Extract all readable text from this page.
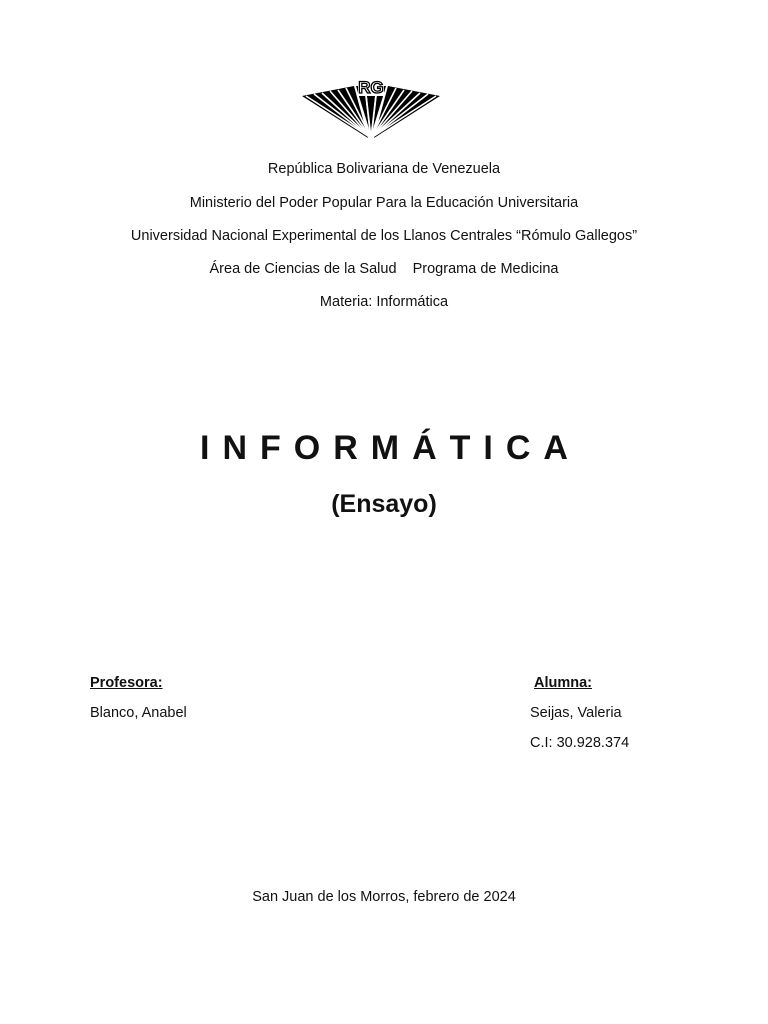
RG
República Bolivariana de Venezuela
Ministerio del Poder Popular Para la Educación Universitaria
Universidad Nacional Experimental de los Llanos Centrales “Rómulo Gallegos”
Área de Ciencias de la Salud    Programa de Medicina
Materia: Informática
INFORMÁTICA
(Ensayo)
Profesora:
Blanco, Anabel
Alumna:
Seijas, Valeria
C.I: 30.928.374
San Juan de los Morros, febrero de 2024
